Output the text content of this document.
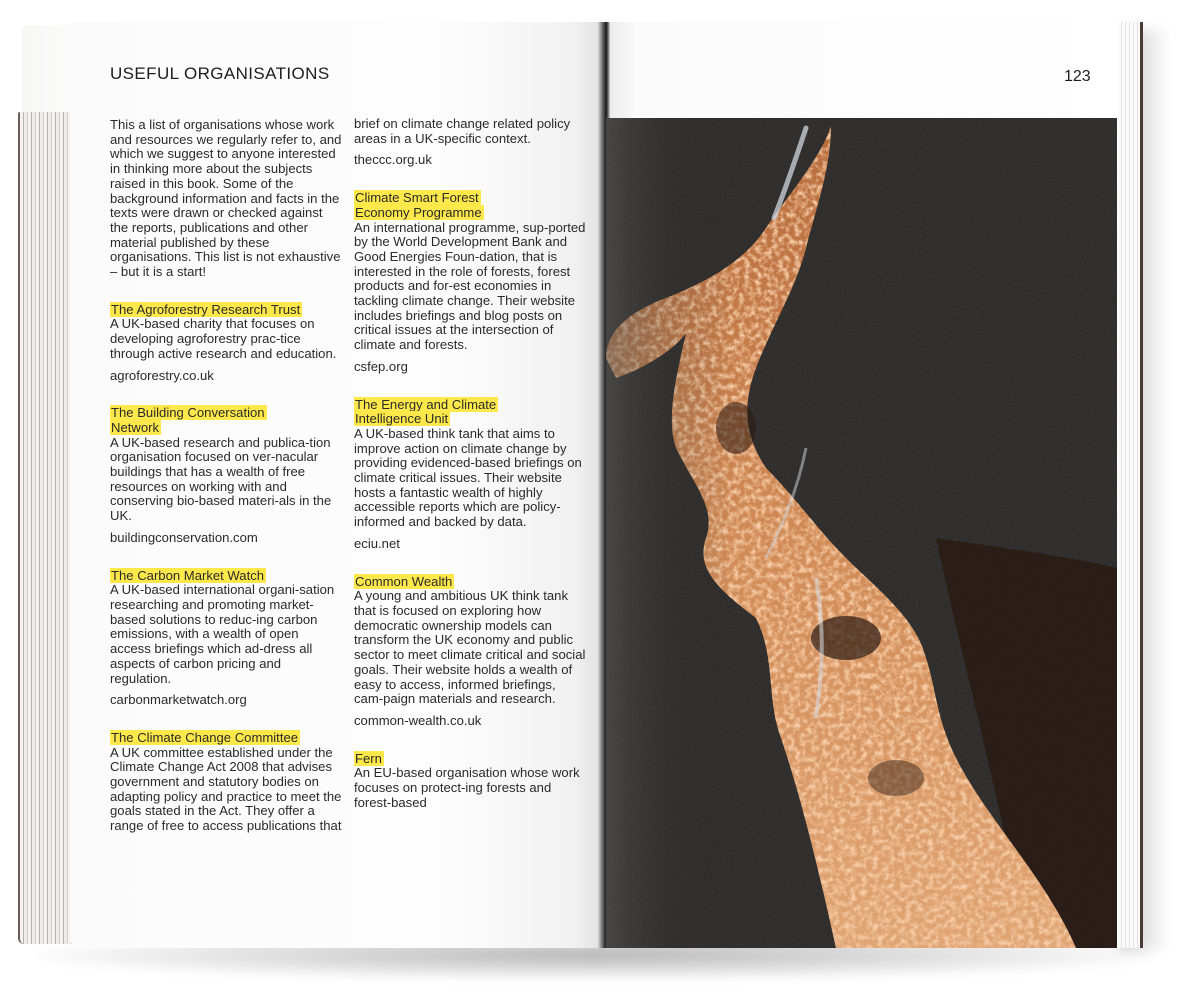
USEFUL ORGANISATIONS	123

This a list of organisations whose work and resources we regularly refer to, and which we suggest to anyone interested in thinking more about the subjects raised in this book. Some of the background information and facts in the texts were drawn or checked against the reports, publications and other material published by these organisations. This list is not exhaustive – but it is a start!

The Agroforestry Research Trust

A UK-based charity that focuses on developing agroforestry prac-tice through active research and education.

agroforestry.co.uk

The Building Conversation Network

A UK-based research and publica-tion organisation focused on ver-nacular buildings that has a wealth of free resources on working with and conserving bio-based materi-als in the UK.

buildingconservation.com

The Carbon Market Watch

A UK-based international organi-sation researching and promoting market-based solutions to reduc-ing carbon emissions, with a wealth of open access briefings which ad-dress all aspects of carbon pricing and regulation.

carbonmarketwatch.org

The Climate Change Committee

A UK committee established under the Climate Change Act 2008 that advises government and statutory bodies on adapting policy and practice to meet the goals stated in the Act. They offer a range of free to access publications that

brief on climate change related policy areas in a UK-specific context.

theccc.org.uk

Climate Smart Forest Economy Programme

An international programme, sup-ported by the World Development Bank and Good Energies Foun-dation, that is interested in the role of forests, forest products and for-est economies in tackling climate change. Their website includes briefings and blog posts on critical issues at the intersection of climate and forests.

csfep.org

The Energy and Climate Intelligence Unit

A UK-based think tank that aims to improve action on climate change by providing evidenced-based briefings on climate critical issues. Their website hosts a fantastic wealth of highly accessible reports which are policy-informed and backed by data.

eciu.net

Common Wealth

A young and ambitious UK think tank that is focused on exploring how democratic ownership models can transform the UK economy and public sector to meet climate critical and social goals. Their website holds a wealth of easy to access, informed briefings, cam-paign materials and research.

common-wealth.co.uk

Fern

An EU-based organisation whose work focuses on protect-ing forests and forest-based
